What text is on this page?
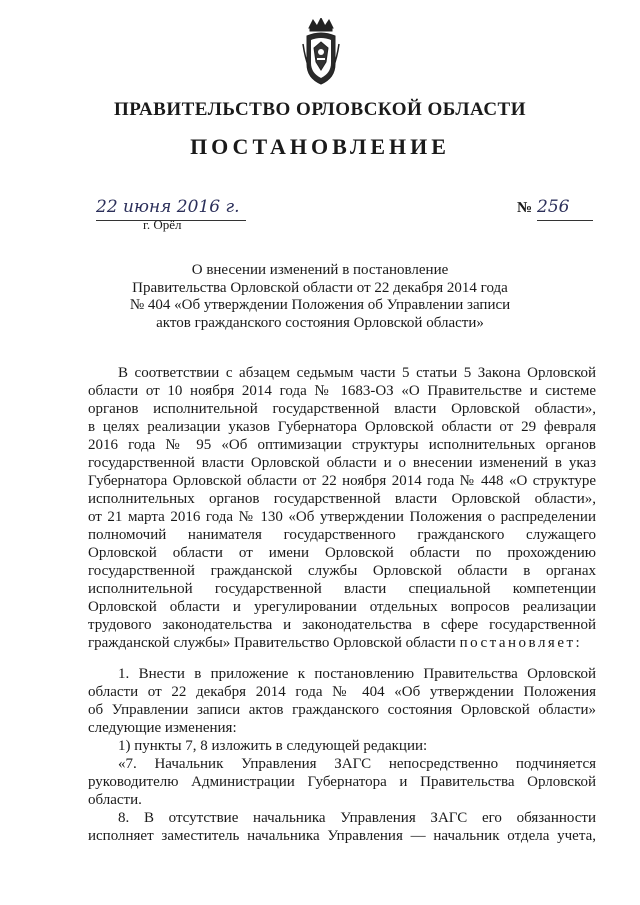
ПРАВИТЕЛЬСТВО ОРЛОВСКОЙ ОБЛАСТИ
ПОСТАНОВЛЕНИЕ
22 июня 2016 г.
г. Орёл
№ 256
О внесении изменений в постановление
Правительства Орловской области от 22 декабря 2014 года
№ 404 «Об утверждении Положения об Управлении записи
актов гражданского состояния Орловской области»
В соответствии с абзацем седьмым части 5 статьи 5 Закона Орловской
области от 10 ноября 2014 года № 1683-ОЗ «О Правительстве и системе
органов исполнительной государственной власти Орловской области»,
в целях реализации указов Губернатора Орловской области от 29 февраля
2016 года № 95 «Об оптимизации структуры исполнительных органов
государственной власти Орловской области и о внесении изменений в указ
Губернатора Орловской области от 22 ноября 2014 года № 448 «О структуре
исполнительных органов государственной власти Орловской области»,
от 21 марта 2016 года № 130 «Об утверждении Положения о распределении
полномочий нанимателя государственного гражданского служащего
Орловской области от имени Орловской области по прохождению
государственной гражданской службы Орловской области в органах
исполнительной государственной власти специальной компетенции
Орловской области и урегулировании отдельных вопросов реализации
трудового законодательства и законодательства в сфере государственной
гражданской службы» Правительство Орловской области постановляет:
1. Внести в приложение к постановлению Правительства Орловской
области от 22 декабря 2014 года № 404 «Об утверждении Положения
об Управлении записи актов гражданского состояния Орловской области»
следующие изменения:
1) пункты 7, 8 изложить в следующей редакции:
«7. Начальник Управления ЗАГС непосредственно подчиняется
руководителю Администрации Губернатора и Правительства Орловской
области.
8. В отсутствие начальника Управления ЗАГС его обязанности
исполняет заместитель начальника Управления — начальник отдела учета,
